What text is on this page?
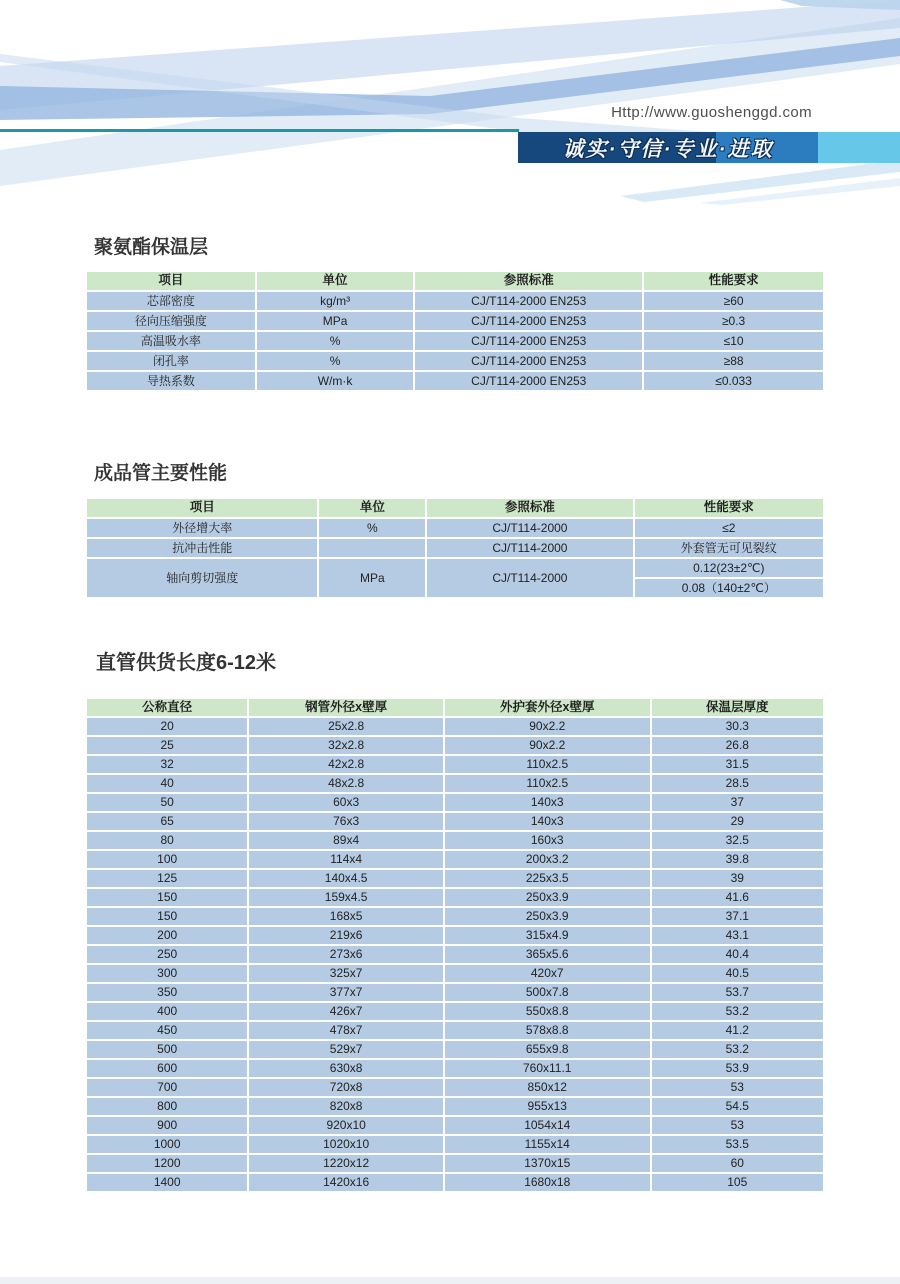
Http://www.guoshenggd.com
诚实·守信·专业·进取
聚氨酯保温层
项目	单位	参照标准	性能要求
芯部密度	kg/m³	CJ/T114-2000 EN253	≥60
径向压缩强度	MPa	CJ/T114-2000 EN253	≥0.3
高温吸水率	%	CJ/T114-2000 EN253	≤10
闭孔率	%	CJ/T114-2000 EN253	≥88
导热系数	W/m·k	CJ/T114-2000 EN253	≤0.033
成品管主要性能
项目	单位	参照标准	性能要求
外径增大率	%	CJ/T114-2000	≤2
抗冲击性能		CJ/T114-2000	外套管无可见裂纹
轴向剪切强度	MPa	CJ/T114-2000	0.12(23±2℃)
0.08（140±2℃）
直管供货长度6-12米
公称直径	钢管外径x壁厚	外护套外径x壁厚	保温层厚度
20	25x2.8	90x2.2	30.3
25	32x2.8	90x2.2	26.8
32	42x2.8	110x2.5	31.5
40	48x2.8	110x2.5	28.5
50	60x3	140x3	37
65	76x3	140x3	29
80	89x4	160x3	32.5
100	114x4	200x3.2	39.8
125	140x4.5	225x3.5	39
150	159x4.5	250x3.9	41.6
150	168x5	250x3.9	37.1
200	219x6	315x4.9	43.1
250	273x6	365x5.6	40.4
300	325x7	420x7	40.5
350	377x7	500x7.8	53.7
400	426x7	550x8.8	53.2
450	478x7	578x8.8	41.2
500	529x7	655x9.8	53.2
600	630x8	760x11.1	53.9
700	720x8	850x12	53
800	820x8	955x13	54.5
900	920x10	1054x14	53
1000	1020x10	1155x14	53.5
1200	1220x12	1370x15	60
1400	1420x16	1680x18	105
